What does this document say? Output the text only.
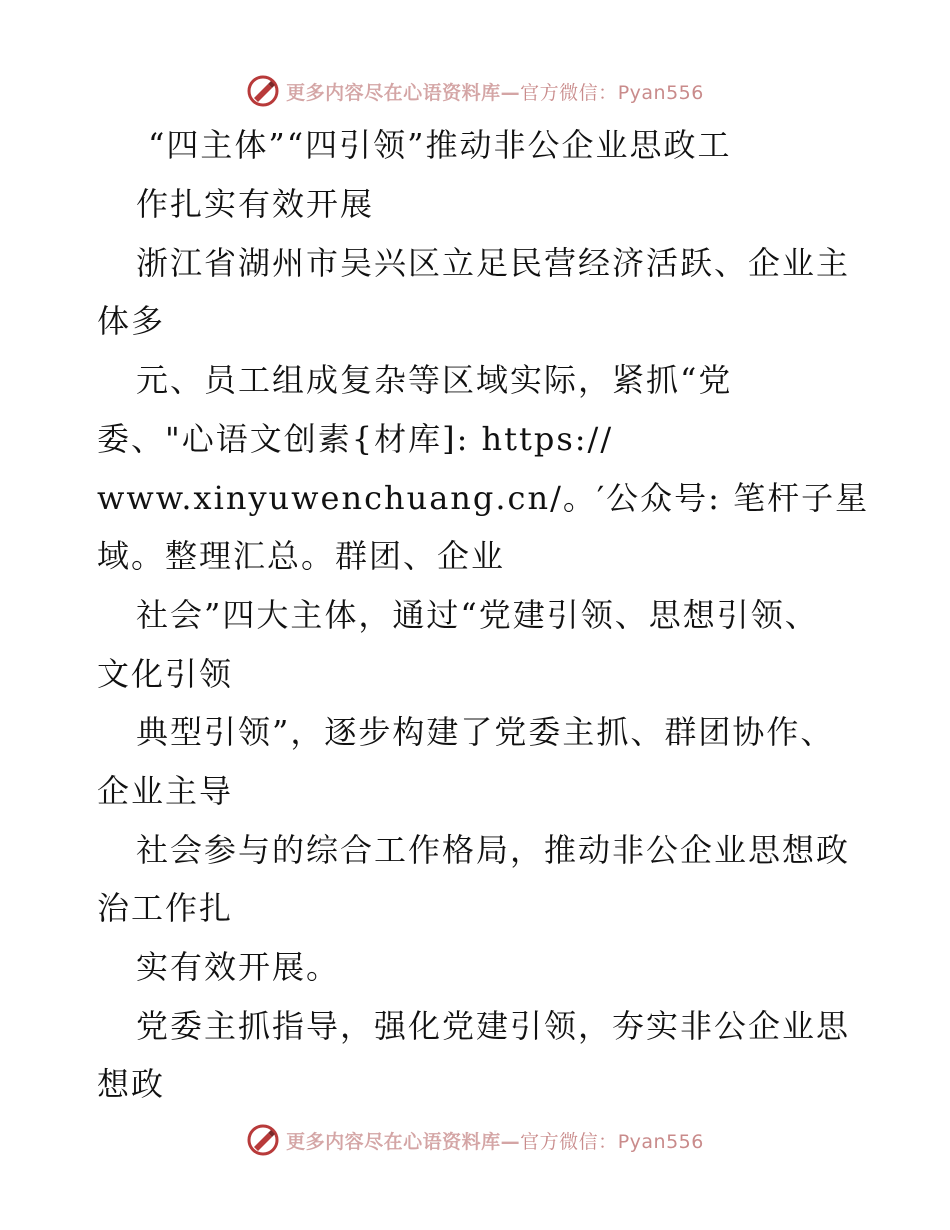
更多内容尽在心语资料库—官方微信：Pyan556
“四主体”“四引领”推动非公企业思政工
作扎实有效开展
浙江省湖州市吴兴区立足民营经济活跃、企业主
体多
元、员工组成复杂等区域实际，紧抓“党
委、"心语文创素{材库]: https://
www.xinyuwenchuang.cn/。′公众号: 笔杆子星
域。整理汇总。群团、企业
社会”四大主体，通过“党建引领、思想引领、
文化引领
典型引领”，逐步构建了党委主抓、群团协作、
企业主导
社会参与的综合工作格局，推动非公企业思想政
治工作扎
实有效开展。
党委主抓指导，强化党建引领，夯实非公企业思
想政
更多内容尽在心语资料库—官方微信：Pyan556
